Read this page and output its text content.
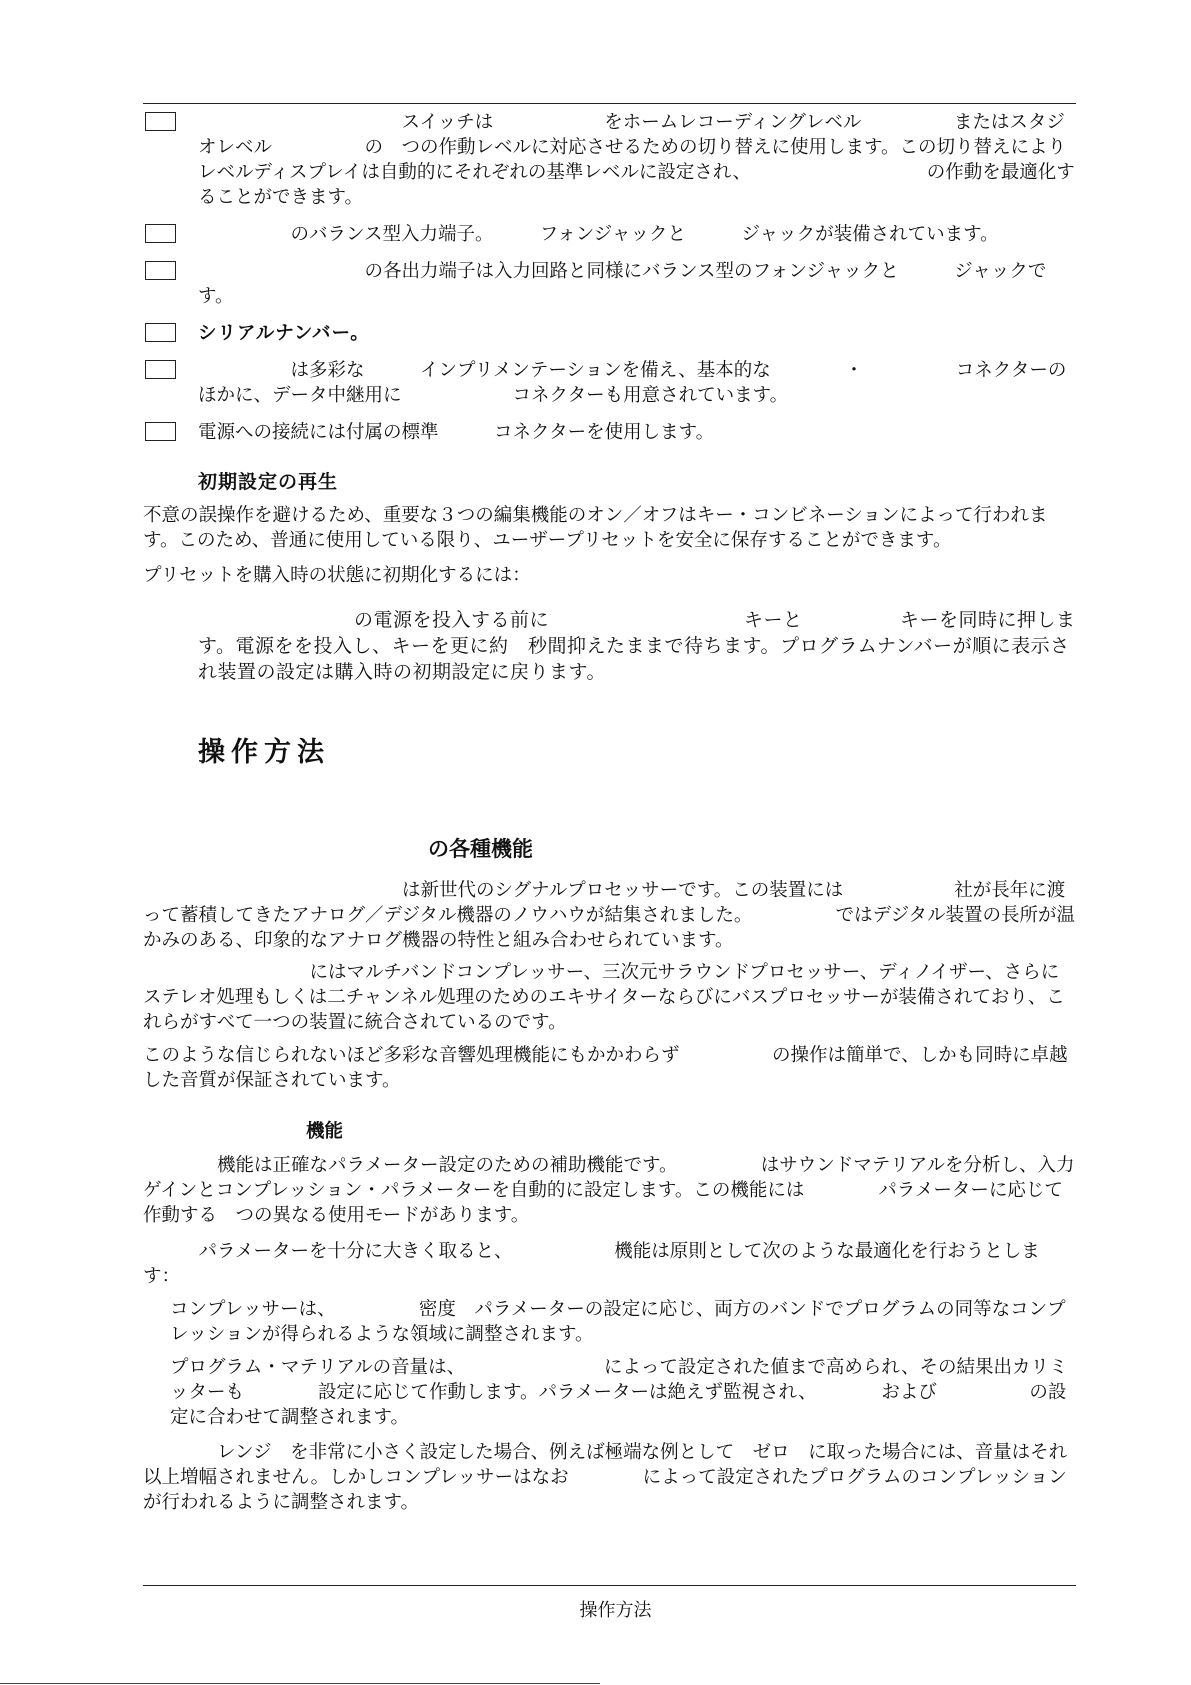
　　　　　　　　　　　スイッチは　　　　　　をホームレコーディングレベル　　　　　またはスタジオレベル　　　　　の　つの作動レベルに対応させるための切り替えに使用します。この切り替えによりレベルディスプレイは自動的にそれぞれの基準レベルに設定され、　　　　　　　　　　の作動を最適化することができます。
　　　　　のバランス型入力端子。　　　フォンジャックと　　　ジャックが装備されています。
　　　　　　　　　の各出力端子は入力回路と同様にバランス型のフォンジャックと　　　ジャックです。
シリアルナンバー。
　　　　　は多彩な　　　インプリメンテーションを備え、基本的な　　　　・　　　　　コネクターのほかに、データ中継用に　　　　　　コネクターも用意されています。
電源への接続には付属の標準　　　コネクターを使用します。
初期設定の再生
不意の誤操作を避けるため、重要な３つの編集機能のオン／オフはキー・コンビネーションによって行われます。このため、普通に使用している限り、ユーザープリセットを安全に保存することができます。
プリセットを購入時の状態に初期化するには：
　　　　　　　　の電源を投入する前に　　　　　　　　　　キーと　　　　　キーを同時に押します。電源をを投入し、キーを更に約　秒間抑えたままで待ちます。プログラムナンバーが順に表示され装置の設定は購入時の初期設定に戻ります。
操作方法
の各種機能
　　　　　　　　　　　　　　は新世代のシグナルプロセッサーです。この装置には　　　　　　社が長年に渡って蓄積してきたアナログ／デジタル機器のノウハウが結集されました。　　　　　ではデジタル装置の長所が温かみのある、印象的なアナログ機器の特性と組み合わせられています。
　　　　　　　　　にはマルチバンドコンプレッサー、三次元サラウンドプロセッサー、ディノイザー、さらにステレオ処理もしくは二チャンネル処理のためのエキサイターならびにバスプロセッサーが装備されており、これらがすべて一つの装置に統合されているのです。
このような信じられないほど多彩な音響処理機能にもかかわらず　　　　　の操作は簡単で、しかも同時に卓越した音質が保証されています。
機能
　　　　機能は正確なパラメーター設定のための補助機能です。　　　　　はサウンドマテリアルを分析し、入力ゲインとコンプレッション・パラメーターを自動的に設定します。この機能には　　　　パラメーターに応じて作動する　つの異なる使用モードがあります。
　　　パラメーターを十分に大きく取ると、　　　　　　機能は原則として次のような最適化を行おうとします：
コンプレッサーは、　　　　　密度　パラメーターの設定に応じ、両方のバンドでプログラムの同等なコンプレッションが得られるような領域に調整されます。
プログラム・マテリアルの音量は、　　　　　　　　によって設定された値まで高められ、その結果出カリミッターも　　　　設定に応じて作動します。パラメーターは絶えず監視され、　　　　および　　　　　の設定に合わせて調整されます。
　　　　レンジ　を非常に小さく設定した場合、例えば極端な例として　ゼロ　に取った場合には、音量はそれ以上増幅されません。しかしコンプレッサーはなお　　　　によって設定されたプログラムのコンプレッションが行われるように調整されます。
操作方法
